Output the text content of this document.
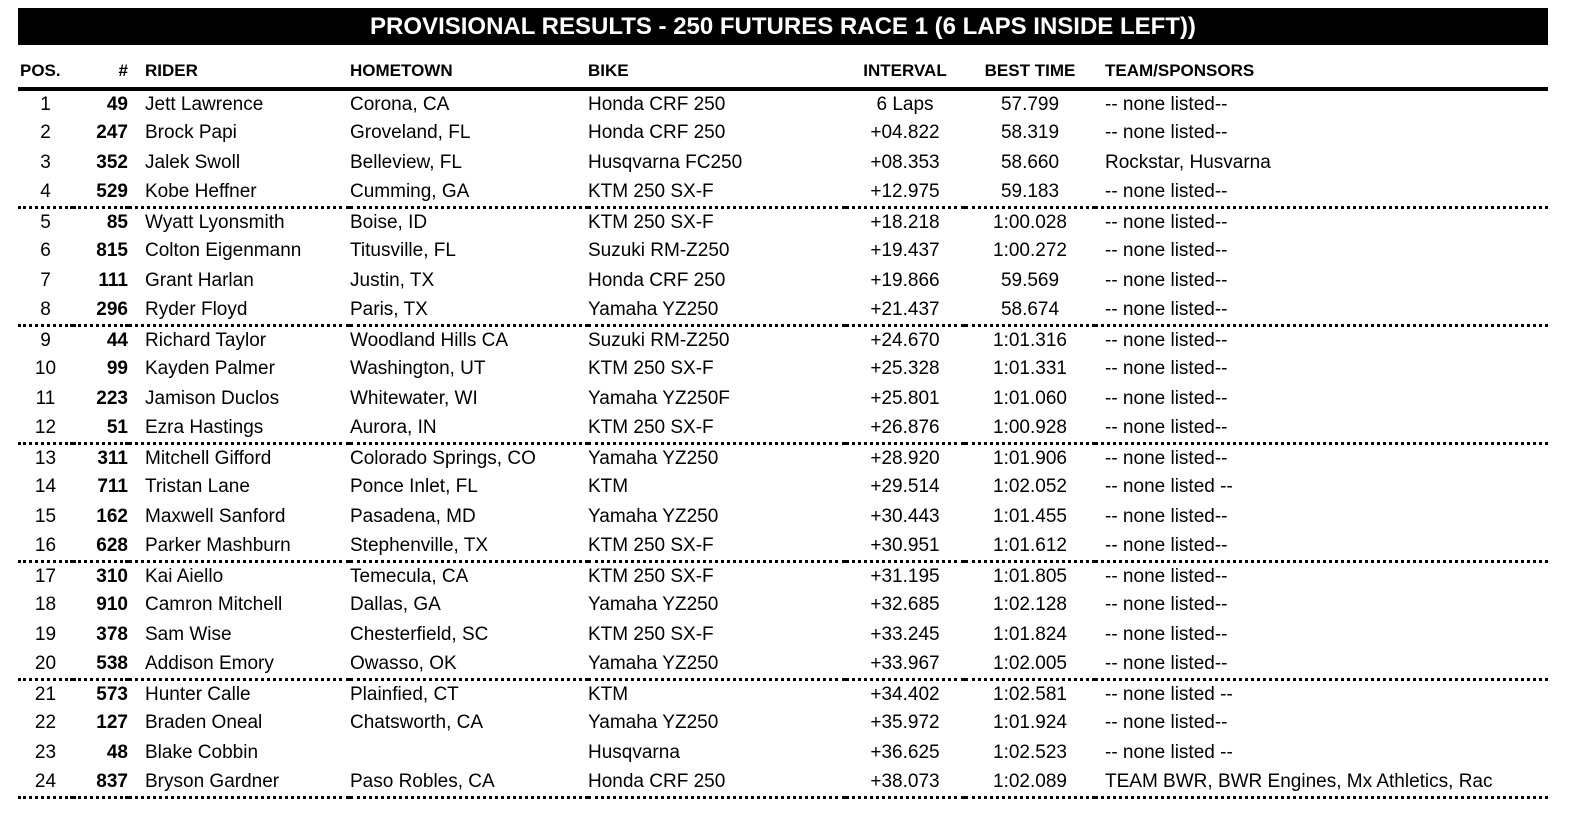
PROVISIONAL RESULTS - 250 FUTURES RACE 1 (6 LAPS INSIDE LEFT))
POS.	#	RIDER	HOMETOWN	BIKE	INTERVAL	BEST TIME	TEAM/SPONSORS
1	49	Jett Lawrence	Corona, CA	Honda CRF 250	6 Laps	57.799	-- none listed--
2	247	Brock Papi	Groveland, FL	Honda CRF 250	+04.822	58.319	-- none listed--
3	352	Jalek Swoll	Belleview, FL	Husqvarna FC250	+08.353	58.660	Rockstar, Husvarna
4	529	Kobe Heffner	Cumming, GA	KTM 250 SX-F	+12.975	59.183	-- none listed--
5	85	Wyatt Lyonsmith	Boise, ID	KTM 250 SX-F	+18.218	1:00.028	-- none listed--
6	815	Colton Eigenmann	Titusville, FL	Suzuki RM-Z250	+19.437	1:00.272	-- none listed--
7	111	Grant Harlan	Justin, TX	Honda CRF 250	+19.866	59.569	-- none listed--
8	296	Ryder Floyd	Paris, TX	Yamaha YZ250	+21.437	58.674	-- none listed--
9	44	Richard Taylor	Woodland Hills CA	Suzuki RM-Z250	+24.670	1:01.316	-- none listed--
10	99	Kayden Palmer	Washington, UT	KTM 250 SX-F	+25.328	1:01.331	-- none listed--
11	223	Jamison Duclos	Whitewater, WI	Yamaha YZ250F	+25.801	1:01.060	-- none listed--
12	51	Ezra Hastings	Aurora, IN	KTM 250 SX-F	+26.876	1:00.928	-- none listed--
13	311	Mitchell Gifford	Colorado Springs, CO	Yamaha YZ250	+28.920	1:01.906	-- none listed--
14	711	Tristan Lane	Ponce Inlet, FL	KTM	+29.514	1:02.052	-- none listed --
15	162	Maxwell Sanford	Pasadena, MD	Yamaha YZ250	+30.443	1:01.455	-- none listed--
16	628	Parker Mashburn	Stephenville, TX	KTM 250 SX-F	+30.951	1:01.612	-- none listed--
17	310	Kai Aiello	Temecula, CA	KTM 250 SX-F	+31.195	1:01.805	-- none listed--
18	910	Camron Mitchell	Dallas, GA	Yamaha YZ250	+32.685	1:02.128	-- none listed--
19	378	Sam Wise	Chesterfield, SC	KTM 250 SX-F	+33.245	1:01.824	-- none listed--
20	538	Addison Emory	Owasso, OK	Yamaha YZ250	+33.967	1:02.005	-- none listed--
21	573	Hunter Calle	Plainfied, CT	KTM	+34.402	1:02.581	-- none listed --
22	127	Braden Oneal	Chatsworth, CA	Yamaha YZ250	+35.972	1:01.924	-- none listed--
23	48	Blake Cobbin		Husqvarna	+36.625	1:02.523	-- none listed --
24	837	Bryson Gardner	Paso Robles, CA	Honda CRF 250	+38.073	1:02.089	TEAM BWR, BWR Engines, Mx Athletics, Rac
